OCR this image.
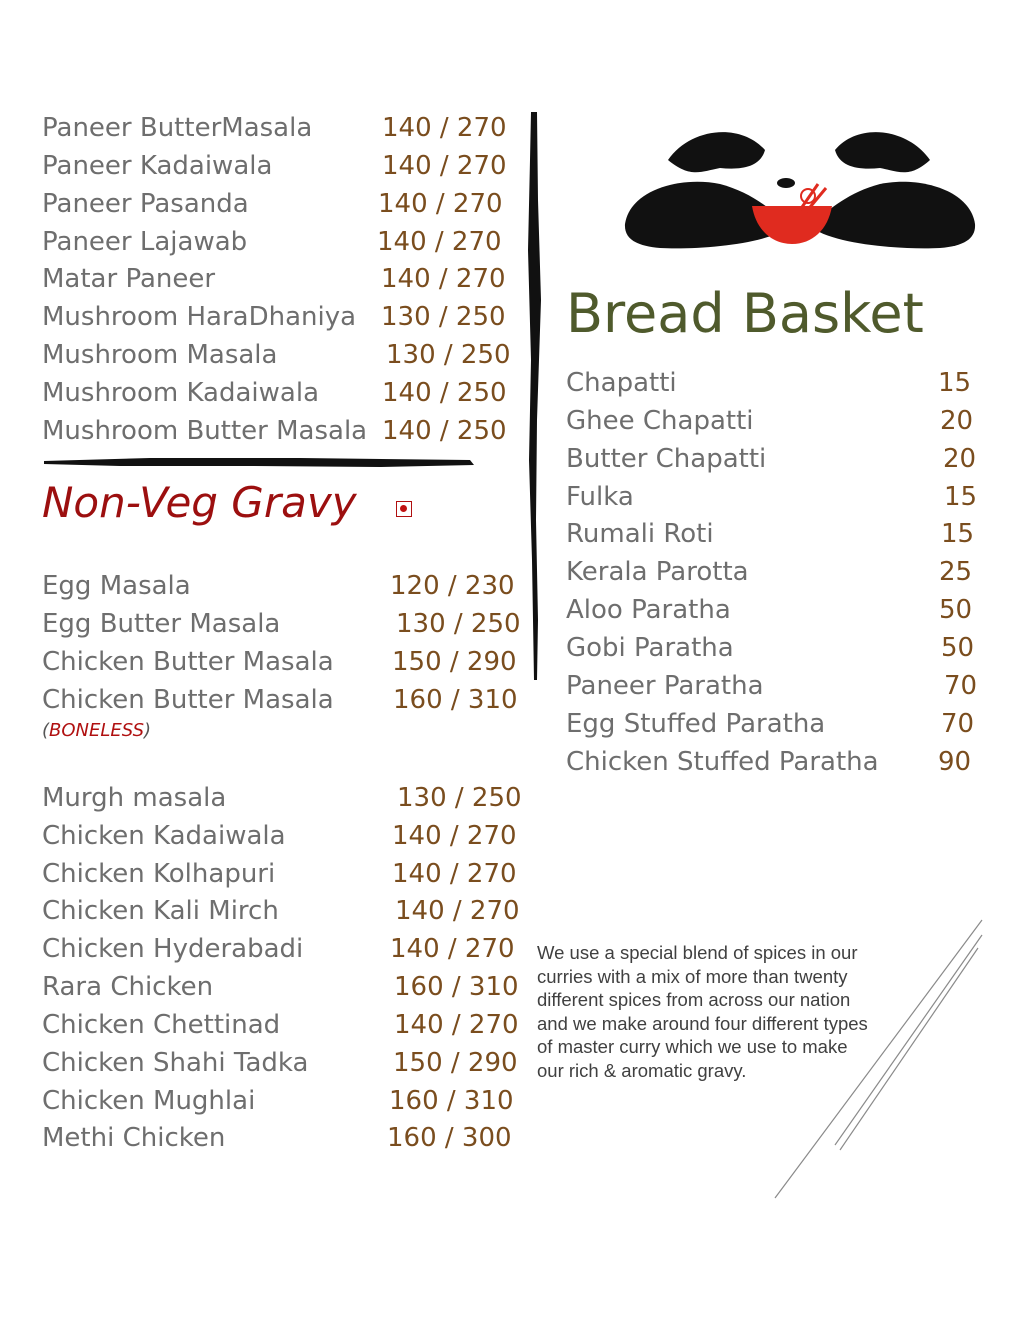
Paneer ButterMasala	140 / 270
Paneer Kadaiwala	140 / 270
Paneer Pasanda	140 / 270
Paneer Lajawab	140 / 270
Matar Paneer	140 / 270
Mushroom HaraDhaniya 130 / 250
Mushroom Masala	130 / 250
Mushroom Kadaiwala 140 / 250
Mushroom Butter Masala 140 / 250
Non-Veg Gravy
Egg Masala	120 / 230
Egg Butter Masala	130 / 250
Chicken Butter Masala 150 / 290
Chicken Butter Masala 160 / 310
(BONELESS)
Murgh masala	130 / 250
Chicken Kadaiwala	140 / 270
Chicken Kolhapuri	140 / 270
Chicken Kali Mirch	140 / 270
Chicken Hyderabadi	140 / 270
Rara Chicken	160 / 310
Chicken Chettinad	140 / 270
Chicken Shahi Tadka	150 / 290
Chicken Mughlai	160 / 310
Methi Chicken	160 / 300
Bread Basket
Chapatti	15
Ghee Chapatti	20
Butter Chapatti	20
Fulka	15
Rumali Roti	15
Kerala Parotta	25
Aloo Paratha	50
Gobi Paratha	50
Paneer Paratha	70
Egg Stuffed Paratha	70
Chicken Stuffed Paratha 90
We use a special blend of spices in our curries with a mix of more than twenty different spices from across our nation and we make around four different types of master curry which we use to make our rich & aromatic gravy.
